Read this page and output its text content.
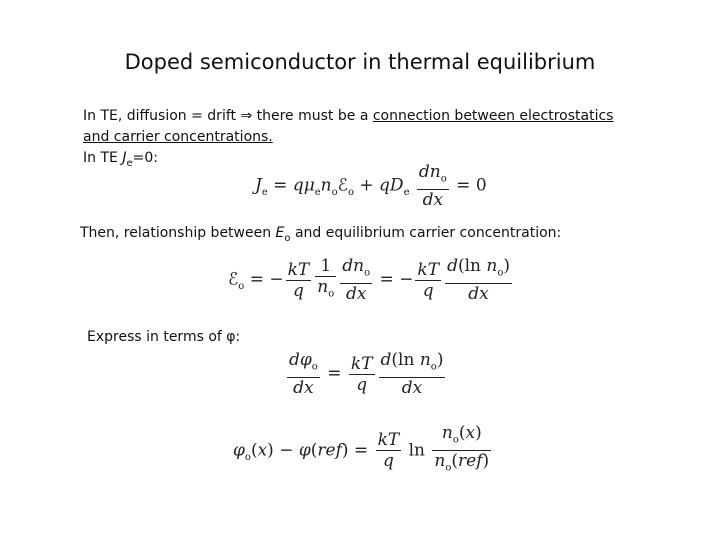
Doped semiconductor in thermal equilibrium
In TE, diffusion = drift ⇒ there must be a connection between electrostatics
and carrier concentrations.
In TE $J_e=0$:
$J_e$ = $q\mu_en_oℰ_o + qD_e \frac{dn_o}{dx} = 0$
Then, relationship between $E_o$ and equilibrium carrier concentration:
ℰ$_o$ = − $\frac{kT}{q} \frac{1}{n_o} \frac{dn_o}{dx}$ = − $\frac{kT}{q} \frac{d(\ln n_o)}{dx}$
Express in terms of φ:
$\frac{d\varphi_o}{dx} = \frac{kT}{q} \frac{d(\ln n_o)}{dx}$
$\varphi_o(x) - \varphi(ref) = \frac{kT}{q}$ $\ln \frac{n_o(x)}{n_o(ref)}$
